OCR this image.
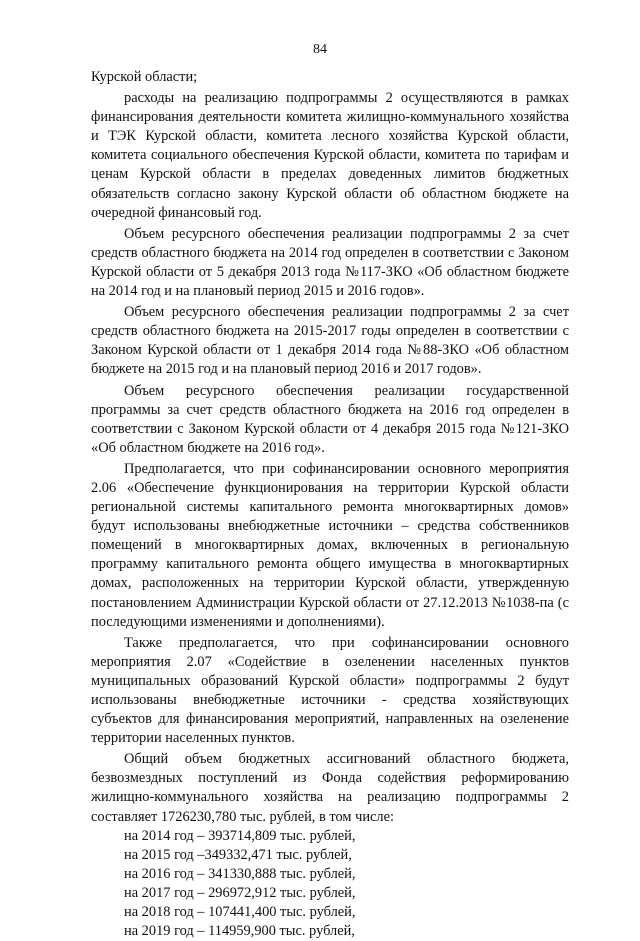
84

Курской области;

расходы на реализацию подпрограммы 2 осуществляются в рамках финансирования деятельности комитета жилищно-коммунального хозяйства и ТЭК Курской области, комитета лесного хозяйства Курской области, комитета социального обеспечения Курской области, комитета по тарифам и ценам Курской области в пределах доведенных лимитов бюджетных обязательств согласно закону Курской области об областном бюджете на очередной финансовый год.

Объем ресурсного обеспечения реализации подпрограммы 2 за счет средств областного бюджета на 2014 год определен в соответствии с Законом Курской области от 5 декабря 2013 года №117-ЗКО «Об областном бюджете на 2014 год и на плановый период 2015 и 2016 годов».

Объем ресурсного обеспечения реализации подпрограммы 2 за счет средств областного бюджета на 2015-2017 годы определен в соответствии с Законом Курской области от 1 декабря 2014 года №88-ЗКО «Об областном бюджете на 2015 год и на плановый период 2016 и 2017 годов».

Объем ресурсного обеспечения реализации государственной программы за счет средств областного бюджета на 2016 год определен в соответствии с Законом Курской области от 4 декабря 2015 года №121-ЗКО «Об областном бюджете на 2016 год».

Предполагается, что при софинансировании основного мероприятия 2.06 «Обеспечение функционирования на территории Курской области региональной системы капитального ремонта многоквартирных домов» будут использованы внебюджетные источники – средства собственников помещений в многоквартирных домах, включенных в региональную программу капитального ремонта общего имущества в многоквартирных домах, расположенных на территории Курской области, утвержденную постановлением Администрации Курской области от 27.12.2013 №1038-па (с последующими изменениями и дополнениями).

Также предполагается, что при софинансировании основного мероприятия 2.07 «Содействие в озеленении населенных пунктов муниципальных образований Курской области» подпрограммы 2 будут использованы внебюджетные источники - средства хозяйствующих субъектов для финансирования мероприятий, направленных на озеленение территории населенных пунктов.

Общий объем бюджетных ассигнований областного бюджета, безвозмездных поступлений из Фонда содействия реформированию жилищно-коммунального хозяйства на реализацию подпрограммы 2 составляет 1726230,780 тыс. рублей, в том числе:

на 2014 год – 393714,809 тыс. рублей,
на 2015 год –349332,471 тыс. рублей,
на 2016 год – 341330,888 тыс. рублей,
на 2017 год – 296972,912 тыс. рублей,
на 2018 год – 107441,400 тыс. рублей,
на 2019 год – 114959,900 тыс. рублей,
